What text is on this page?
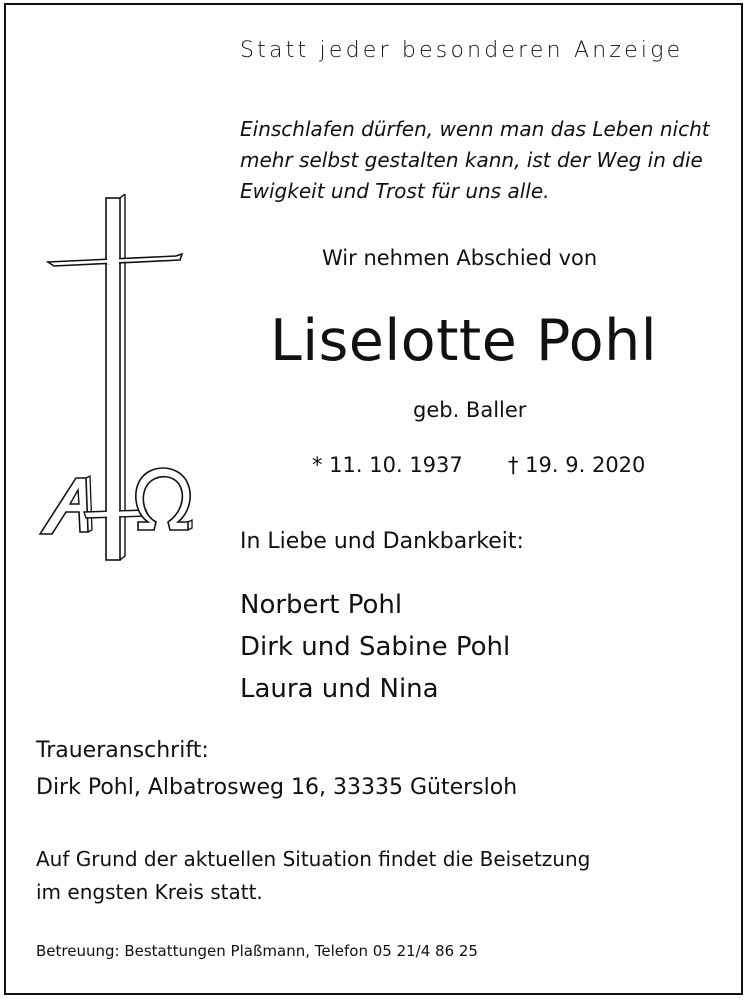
Statt jeder besonderen Anzeige
Einschlafen dürfen, wenn man das Leben nicht
mehr selbst gestalten kann, ist der Weg in die
Ewigkeit und Trost für uns alle.
Wir nehmen Abschied von
Liselotte Pohl
geb. Baller
* 11. 10. 1937 † 19. 9. 2020
In Liebe und Dankbarkeit:
Norbert Pohl
Dirk und Sabine Pohl
Laura und Nina
Traueranschrift:
Dirk Pohl, Albatrosweg 16, 33335 Gütersloh
Auf Grund der aktuellen Situation findet die Beisetzung
im engsten Kreis statt.
Betreuung: Bestattungen Plaßmann, Telefon 05 21/4 86 25
